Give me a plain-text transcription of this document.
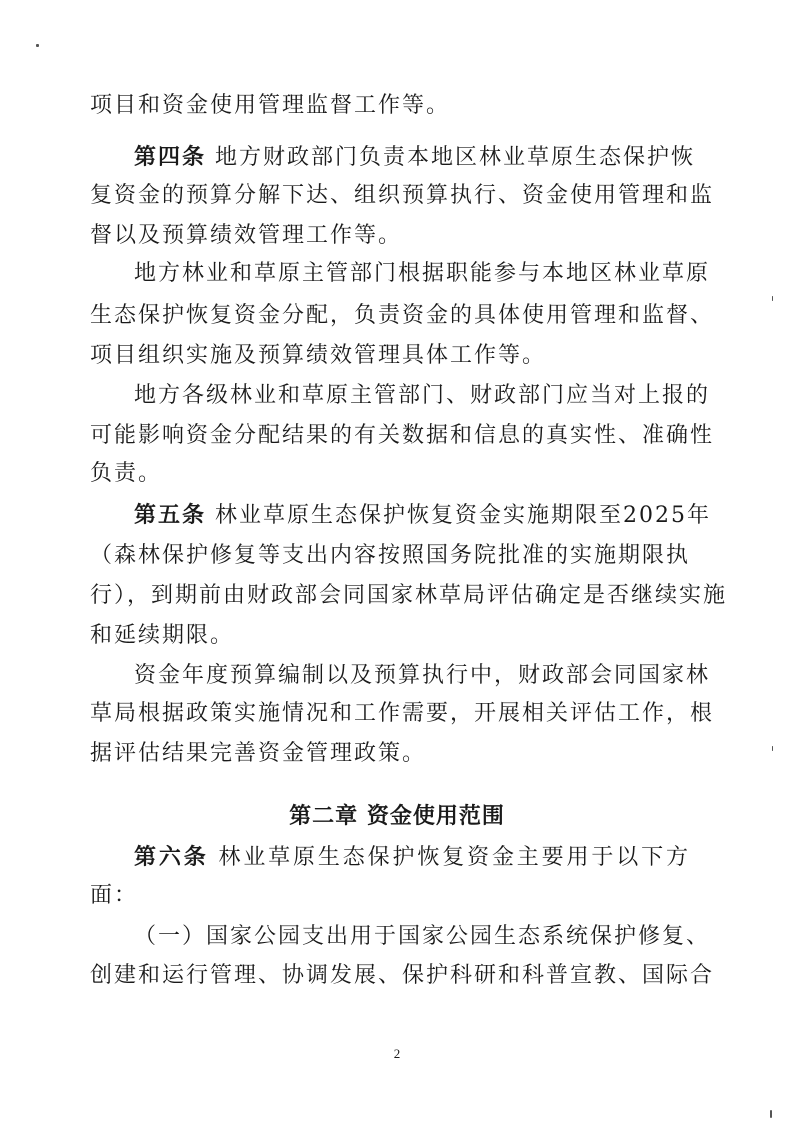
项目和资金使用管理监督工作等。
第四条 地方财政部门负责本地区林业草原生态保护恢
复资金的预算分解下达、组织预算执行、资金使用管理和监
督以及预算绩效管理工作等。
地方林业和草原主管部门根据职能参与本地区林业草原
生态保护恢复资金分配，负责资金的具体使用管理和监督、
项目组织实施及预算绩效管理具体工作等。
地方各级林业和草原主管部门、财政部门应当对上报的
可能影响资金分配结果的有关数据和信息的真实性、准确性
负责。
第五条 林业草原生态保护恢复资金实施期限至2025年
（森林保护修复等支出内容按照国务院批准的实施期限执
行），到期前由财政部会同国家林草局评估确定是否继续实施
和延续期限。
资金年度预算编制以及预算执行中，财政部会同国家林
草局根据政策实施情况和工作需要，开展相关评估工作，根
据评估结果完善资金管理政策。
2
第二章 资金使用范围
第六条 林业草原生态保护恢复资金主要用于以下方
面：
（一）国家公园支出用于国家公园生态系统保护修复、
创建和运行管理、协调发展、保护科研和科普宣教、国际合
